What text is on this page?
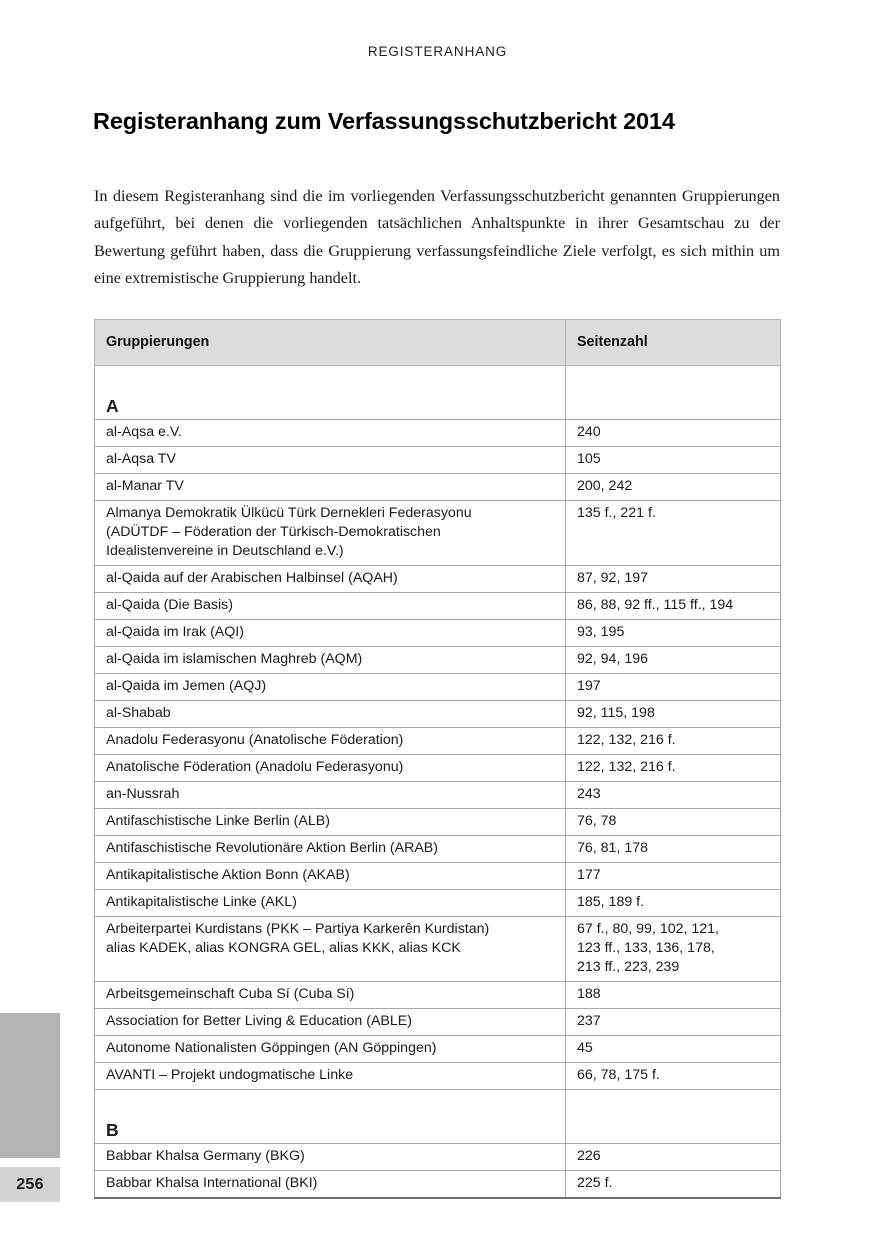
REGISTERANHANG
Registeranhang zum Verfassungsschutzbericht 2014

In diesem Registeranhang sind die im vorliegenden Verfassungsschutzbericht genannten Gruppierungen aufgeführt, bei denen die vorliegenden tatsächlichen Anhaltspunkte in ihrer Gesamtschau zu der Bewertung geführt haben, dass die Gruppierung verfassungsfeindliche Ziele verfolgt, es sich mithin um eine extremistische Gruppierung handelt.

Gruppierungen	Seitenzahl

A	

al-Aqsa e.V.	240

al-Aqsa TV	105

al-Manar TV	200, 242

Almanya Demokratik Ülkücü Türk Dernekleri Federasyonu
(ADÜTDF – Föderation der Türkisch-Demokratischen
Idealistenvereine in Deutschland e.V.)	135 f., 221 f.

al-Qaida auf der Arabischen Halbinsel (AQAH)	87, 92, 197

al-Qaida (Die Basis)	86, 88, 92 ff., 115 ff., 194

al-Qaida im Irak (AQI)	93, 195

al-Qaida im islamischen Maghreb (AQM)	92, 94, 196

al-Qaida im Jemen (AQJ)	197

al-Shabab	92, 115, 198

Anadolu Federasyonu (Anatolische Föderation)	122, 132, 216 f.

Anatolische Föderation (Anadolu Federasyonu)	122, 132, 216 f.

an-Nussrah	243

Antifaschistische Linke Berlin (ALB)	76, 78

Antifaschistische Revolutionäre Aktion Berlin (ARAB)	76, 81, 178

Antikapitalistische Aktion Bonn (AKAB)	177

Antikapitalistische Linke (AKL)	185, 189 f.

Arbeiterpartei Kurdistans (PKK – Partiya Karkerên Kurdistan)
alias KADEK, alias KONGRA GEL, alias KKK, alias KCK	67 f., 80, 99, 102, 121,
123 ff., 133, 136, 178,
213 ff., 223, 239

Arbeitsgemeinschaft Cuba Sí (Cuba Sí)	188

Association for Better Living & Education (ABLE)	237

Autonome Nationalisten Göppingen (AN Göppingen)	45

AVANTI – Projekt undogmatische Linke	66, 78, 175 f.

B	

Babbar Khalsa Germany (BKG)	226

Babbar Khalsa International (BKI)	225 f.
256
